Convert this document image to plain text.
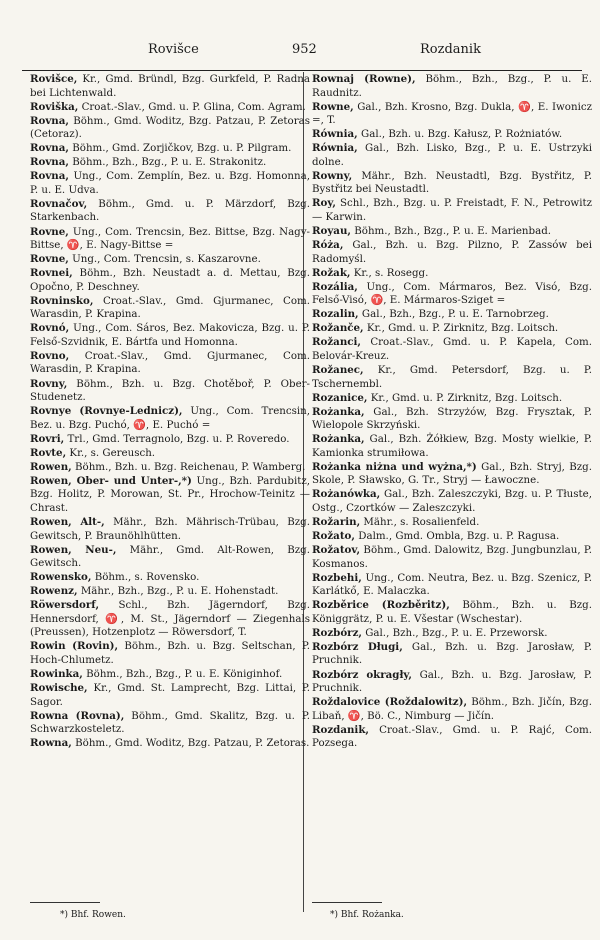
Rovišce	952	Rozdanik
Rovišce, Kr., Gmd. Bründl, Bzg. Gurkfeld, P. Radna bei Lichtenwald.
Roviška, Croat.-Slav., Gmd. u. P. Glina, Com. Agram.
Rovna, Böhm., Gmd. Woditz, Bzg. Patzau, P. Zetoras (Cetoraz).
Rovna, Böhm., Gmd. Zorjičkov, Bzg. u. P. Pilgram.
Rovna, Böhm., Bzh., Bzg., P. u. E. Strakonitz.
Rovna, Ung., Com. Zemplín, Bez. u. Bzg. Homonna, P. u. E. Udva.
Rovnačov, Böhm., Gmd. u. P. Märzdorf, Bzg. Starkenbach.
Rovne, Ung., Com. Trencsin, Bez. Bittse, Bzg. Nagy-Bittse, ♈, E. Nagy-Bittse =
Rovne, Ung., Com. Trencsin, s. Kaszarovne.
Rovnei, Böhm., Bzh. Neustadt a. d. Mettau, Bzg. Opočno, P. Deschney.
Rovninsko, Croat.-Slav., Gmd. Gjurmanec, Com. Warasdin, P. Krapina.
Rovnó, Ung., Com. Sáros, Bez. Makovicza, Bzg. u. P. Felső-Szvidnik, E. Bártfa und Homonna.
Rovno, Croat.-Slav., Gmd. Gjurmanec, Com. Warasdin, P. Krapina.
Rovny, Böhm., Bzh. u. Bzg. Chotěboř, P. Ober-Studenetz.
Rovnye (Rovnye-Lednicz), Ung., Com. Trencsin, Bez. u. Bzg. Puchó, ♈, E. Puchó =
Rovri, Trl., Gmd. Terragnolo, Bzg. u. P. Roveredo.
Rovte, Kr., s. Gereusch.
Rowen, Böhm., Bzh. u. Bzg. Reichenau, P. Wamberg.
Rowen, Ober- und Unter-,*) Ung., Bzh. Pardubitz, Bzg. Holitz, P. Morowan, St. Pr., Hrochow-Teinitz — Chrast.
Rowen, Alt-, Mähr., Bzh. Mährisch-Trübau, Bzg. Gewitsch, P. Braunöhlhütten.
Rowen, Neu-, Mähr., Gmd. Alt-Rowen, Bzg. Gewitsch.
Rowensko, Böhm., s. Rovensko.
Rowenz, Mähr., Bzh., Bzg., P. u. E. Hohenstadt.
Röwersdorf, Schl., Bzh. Jägerndorf, Bzg. Hennersdorf, ♈, M. St., Jägerndorf — Ziegenhals (Preussen), Hotzenplotz — Röwersdorf, T.
Rowin (Rovin), Böhm., Bzh. u. Bzg. Seltschan, P. Hoch-Chlumetz.
Rowinka, Böhm., Bzh., Bzg., P. u. E. Königinhof.
Rowische, Kr., Gmd. St. Lamprecht, Bzg. Littai, P. Sagor.
Rowna (Rovna), Böhm., Gmd. Skalitz, Bzg. u. P. Schwarzkosteletz.
Rowna, Böhm., Gmd. Woditz, Bzg. Patzau, P. Zetoras.
Rownaj (Rowne), Böhm., Bzh., Bzg., P. u. E. Raudnitz.
Rowne, Gal., Bzh. Krosno, Bzg. Dukla, ♈, E. Iwonicz =, T.
Równia, Gal., Bzh. u. Bzg. Kałusz, P. Rożniatów.
Równia, Gal., Bzh. Lisko, Bzg., P. u. E. Ustrzyki dolne.
Rowny, Mähr., Bzh. Neustadtl, Bzg. Bystřitz, P. Bystřitz bei Neustadtl.
Roy, Schl., Bzh., Bzg. u. P. Freistadt, F. N., Petrowitz — Karwin.
Royau, Böhm., Bzh., Bzg., P. u. E. Marienbad.
Róża, Gal., Bzh. u. Bzg. Pilzno, P. Zassów bei Radomyśl.
Rožak, Kr., s. Rosegg.
Rozália, Ung., Com. Mármaros, Bez. Visó, Bzg. Felső-Visó, ♈, E. Mármaros-Sziget =
Rozalin, Gal., Bzh., Bzg., P. u. E. Tarnobrzeg.
Rožanče, Kr., Gmd. u. P. Zirknitz, Bzg. Loitsch.
Rožanci, Croat.-Slav., Gmd. u. P. Kapela, Com. Belovár-Kreuz.
Rožanec, Kr., Gmd. Petersdorf, Bzg. u. P. Tschernembl.
Rozanice, Kr., Gmd. u. P. Zirknitz, Bzg. Loitsch.
Rożanka, Gal., Bzh. Strzyżów, Bzg. Frysztak, P. Wielopole Skrzyński.
Rożanka, Gal., Bzh. Żółkiew, Bzg. Mosty wielkie, P. Kamionka strumiłowa.
Rożanka niżna und wyżna,*) Gal., Bzh. Stryj, Bzg. Skole, P. Sławsko, G. Tr., Stryj — Ławoczne.
Rożanówka, Gal., Bzh. Zaleszczyki, Bzg. u. P. Tłuste, Ostg., Czortków — Zaleszczyki.
Rožarin, Mähr., s. Rosalienfeld.
Rožato, Dalm., Gmd. Ombla, Bzg. u. P. Ragusa.
Rožatov, Böhm., Gmd. Dalowitz, Bzg. Jungbunzlau, P. Kosmanos.
Rozbehi, Ung., Com. Neutra, Bez. u. Bzg. Szenicz, P. Karlátkő, E. Malaczka.
Rozběrice (Rozběritz), Böhm., Bzh. u. Bzg. Königgrätz, P. u. E. Všestar (Wschestar).
Rozbórz, Gal., Bzh., Bzg., P. u. E. Przeworsk.
Rozbórz Długi, Gal., Bzh. u. Bzg. Jarosław, P. Pruchnik.
Rozbórz okragły, Gal., Bzh. u. Bzg. Jarosław, P. Pruchnik.
Roždalovice (Roždalowitz), Böhm., Bzh. Jičín, Bzg. Libaň, ♈, Bö. C., Nimburg — Jičín.
Rozdanik, Croat.-Slav., Gmd. u. P. Rajć, Com. Pozsega.
*) Bhf. Rowen.	*) Bhf. Rożanka.
